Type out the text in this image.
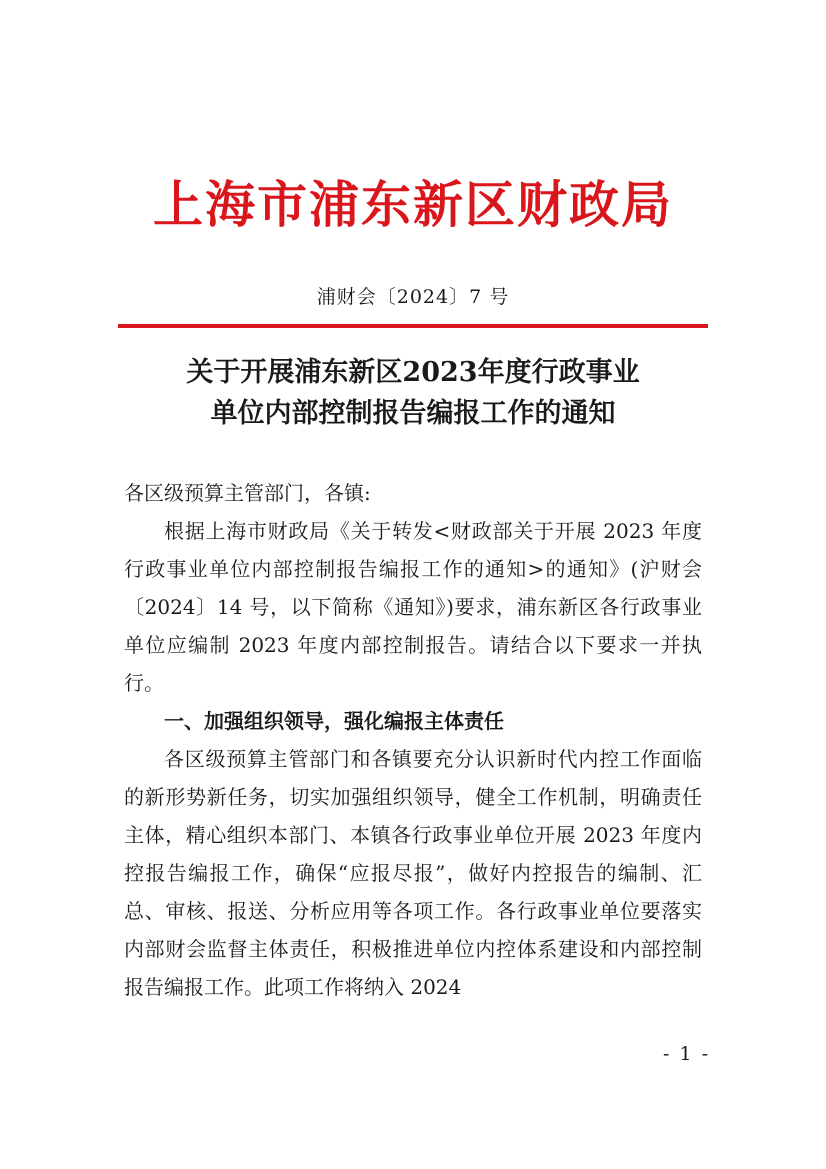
上海市浦东新区财政局
浦财会〔2024〕7 号
关于开展浦东新区2023年度行政事业
单位内部控制报告编报工作的通知

各区级预算主管部门，各镇:

根据上海市财政局《关于转发<财政部关于开展 2023 年度行政事业单位内部控制报告编报工作的通知>的通知》(沪财会〔2024〕14 号，以下简称《通知》)要求，浦东新区各行政事业单位应编制 2023 年度内部控制报告。请结合以下要求一并执行。

一、加强组织领导，强化编报主体责任

各区级预算主管部门和各镇要充分认识新时代内控工作面临的新形势新任务，切实加强组织领导，健全工作机制，明确责任主体，精心组织本部门、本镇各行政事业单位开展 2023 年度内控报告编报工作，确保“应报尽报”，做好内控报告的编制、汇总、审核、报送、分析应用等各项工作。各行政事业单位要落实内部财会监督主体责任，积极推进单位内控体系建设和内部控制报告编报工作。此项工作将纳入 2024

- 1 -
